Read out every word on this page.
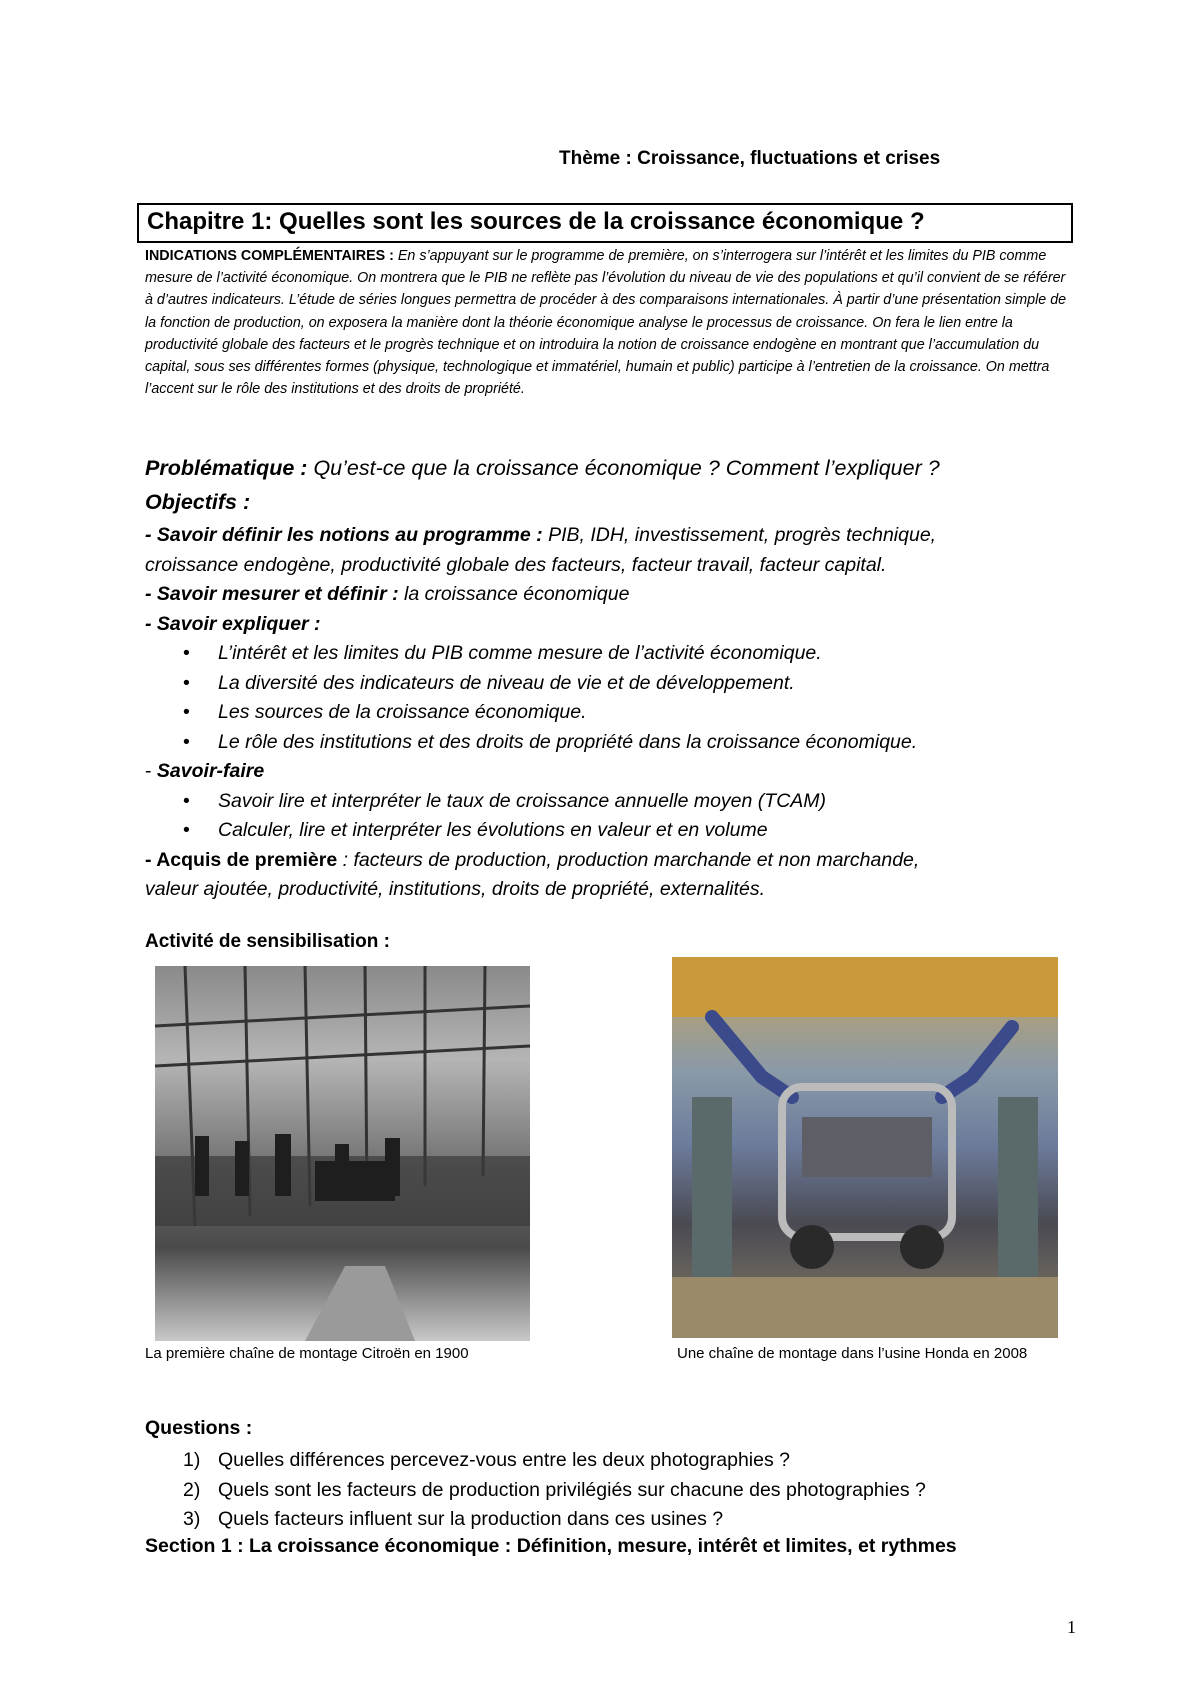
Thème : Croissance, fluctuations et crises
Chapitre 1: Quelles sont les sources de la croissance économique ?
INDICATIONS COMPLÉMENTAIRES : En s’appuyant sur le programme de première, on s’interrogera sur l’intérêt et les limites du PIB comme mesure de l’activité économique. On montrera que le PIB ne reflète pas l’évolution du niveau de vie des populations et qu’il convient de se référer à d’autres indicateurs. L’étude de séries longues permettra de procéder à des comparaisons internationales. À partir d’une présentation simple de la fonction de production, on exposera la manière dont la théorie économique analyse le processus de croissance. On fera le lien entre la productivité globale des facteurs et le progrès technique et on introduira la notion de croissance endogène en montrant que l’accumulation du capital, sous ses différentes formes (physique, technologique et immatériel, humain et public) participe à l’entretien de la croissance. On mettra l’accent sur le rôle des institutions et des droits de propriété.
Problématique : Qu’est-ce que la croissance économique ? Comment l’expliquer ?
Objectifs :
- Savoir définir les notions au programme : PIB, IDH, investissement, progrès technique,
croissance endogène, productivité globale des facteurs, facteur travail, facteur capital.
- Savoir mesurer et définir : la croissance économique
- Savoir expliquer :
• L’intérêt et les limites du PIB comme mesure de l’activité économique.
• La diversité des indicateurs de niveau de vie et de développement.
• Les sources de la croissance économique.
• Le rôle des institutions et des droits de propriété dans la croissance économique.
- Savoir-faire
• Savoir lire et interpréter le taux de croissance annuelle moyen (TCAM)
• Calculer, lire et interpréter les évolutions en valeur et en volume
- Acquis de première : facteurs de production, production marchande et non marchande,
valeur ajoutée, productivité, institutions, droits de propriété, externalités.
Activité de sensibilisation :
La première chaîne de montage Citroën en 1900	Une chaîne de montage dans l’usine Honda en 2008
Questions :
1) Quelles différences percevez-vous entre les deux photographies ?
2) Quels sont les facteurs de production privilégiés sur chacune des photographies ?
3) Quels facteurs influent sur la production dans ces usines ?
Section 1 : La croissance économique : Définition, mesure, intérêt et limites, et rythmes
1
